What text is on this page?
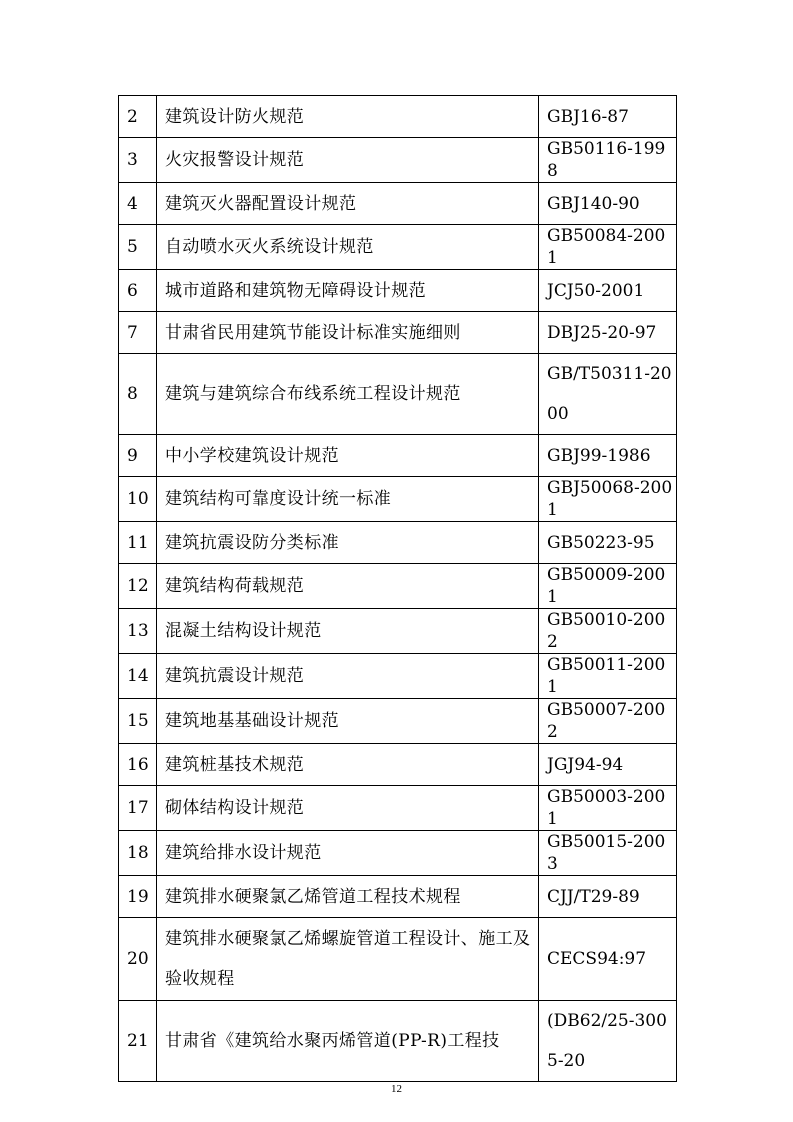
2	建筑设计防火规范	GBJ16-87
3	火灾报警设计规范	GB50116-1998
4	建筑灭火器配置设计规范	GBJ140-90
5	自动喷水灭火系统设计规范	GB50084-2001
6	城市道路和建筑物无障碍设计规范	JCJ50-2001
7	甘肃省民用建筑节能设计标准实施细则	DBJ25-20-97
8	建筑与建筑综合布线系统工程设计规范	GB/T50311-2000

9	中小学校建筑设计规范	GBJ99-1986
10	建筑结构可靠度设计统一标准	GBJ50068-2001
11	建筑抗震设防分类标准	GB50223-95
12	建筑结构荷载规范	GB50009-2001
13	混凝土结构设计规范	GB50010-2002
14	建筑抗震设计规范	GB50011-2001
15	建筑地基基础设计规范	GB50007-2002
16	建筑桩基技术规范	JGJ94-94
17	砌体结构设计规范	GB50003-2001
18	建筑给排水设计规范	GB50015-2003
19	建筑排水硬聚氯乙烯管道工程技术规程	CJJ/T29-89
20	建筑排水硬聚氯乙烯螺旋管道工程设计、施工及验收规程	CECS94:97
21	甘肃省《建筑给水聚丙烯管道(PP-R)工程技	(DB62/25-3005-20
12
